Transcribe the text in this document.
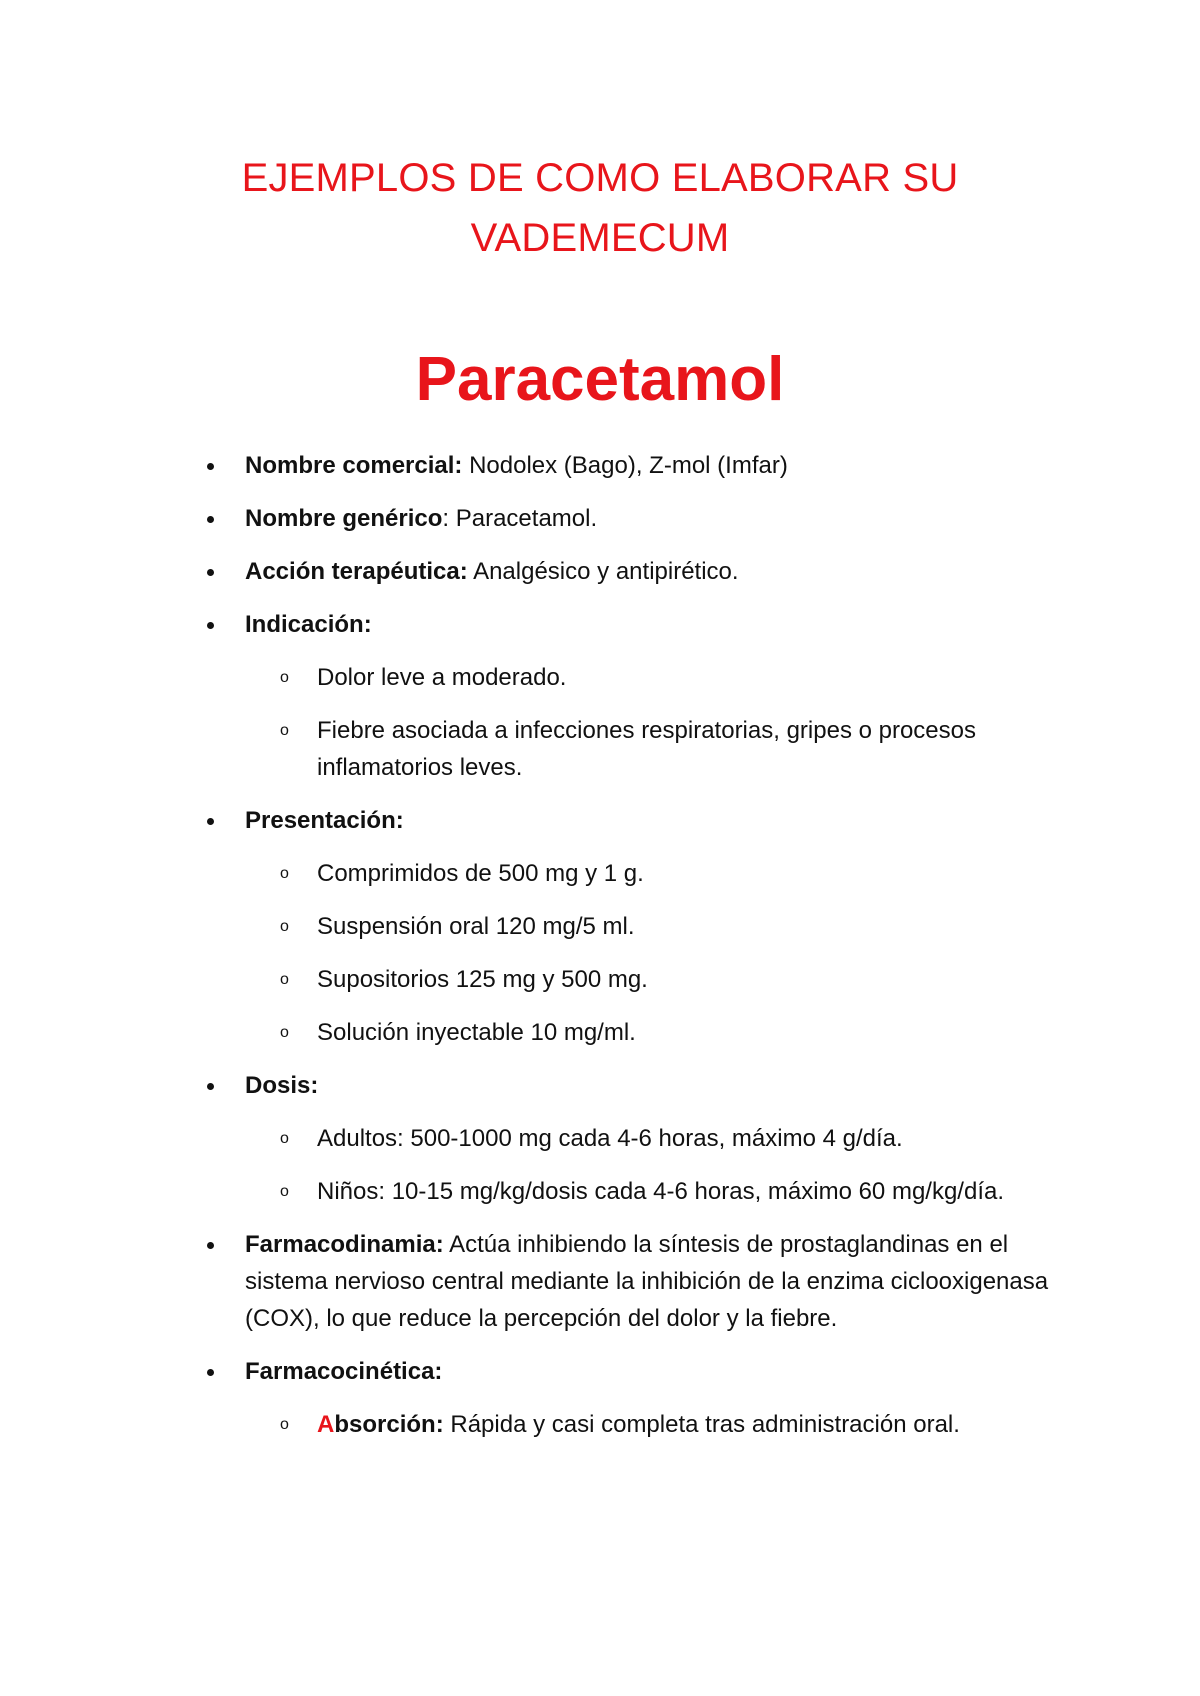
EJEMPLOS DE COMO ELABORAR SU VADEMECUM
Paracetamol
Nombre comercial: Nodolex (Bago), Z-mol (Imfar)
Nombre genérico: Paracetamol.
Acción terapéutica: Analgésico y antipirético.
Indicación:
o Dolor leve a moderado.
o Fiebre asociada a infecciones respiratorias, gripes o procesos inflamatorios leves.
Presentación:
o Comprimidos de 500 mg y 1 g.
o Suspensión oral 120 mg/5 ml.
o Supositorios 125 mg y 500 mg.
o Solución inyectable 10 mg/ml.
Dosis:
o Adultos: 500-1000 mg cada 4-6 horas, máximo 4 g/día.
o Niños: 10-15 mg/kg/dosis cada 4-6 horas, máximo 60 mg/kg/día.
Farmacodinamia: Actúa inhibiendo la síntesis de prostaglandinas en el sistema nervioso central mediante la inhibición de la enzima ciclooxigenasa (COX), lo que reduce la percepción del dolor y la fiebre.
Farmacocinética:
o Absorción: Rápida y casi completa tras administración oral.
